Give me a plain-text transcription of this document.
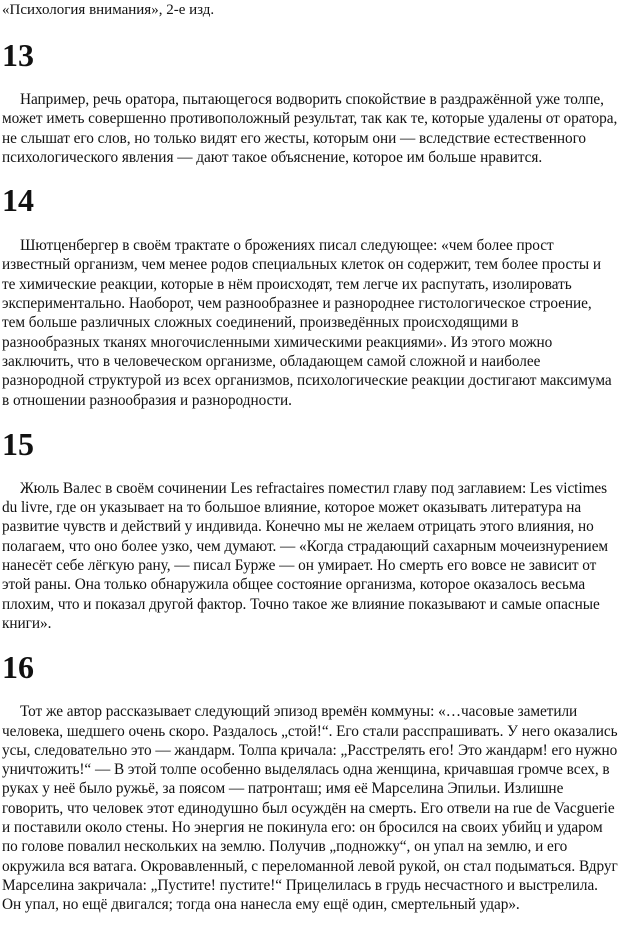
«Психология внимания», 2-е изд.

13

Например, речь оратора, пытающегося водворить спокойствие в раздражённой уже толпе, может иметь совершенно противоположный результат, так как те, которые удалены от оратора, не слышат его слов, но только видят его жесты, которым они — вследствие естественного психологического явления — дают такое объяснение, которое им больше нравится.

14

Шютценбергер в своём трактате о брожениях писал следующее: «чем более прост известный организм, чем менее родов специальных клеток он содержит, тем более просты и те химические реакции, которые в нём происходят, тем легче их распутать, изолировать экспериментально. Наоборот, чем разнообразнее и разнороднее гистологическое строение, тем больше различных сложных соединений, произведённых происходящими в разнообразных тканях многочисленными химическими реакциями». Из этого можно заключить, что в человеческом организме, обладающем самой сложной и наиболее разнородной структурой из всех организмов, психологические реакции достигают максимума в отношении разнообразия и разнородности.

15

Жюль Валес в своём сочинении Les refractaires поместил главу под заглавием: Les victimes du livre, где он указывает на то большое влияние, которое может оказывать литература на развитие чувств и действий у индивида. Конечно мы не желаем отрицать этого влияния, но полагаем, что оно более узко, чем думают. — «Когда страдающий сахарным мочеизнурением нанесёт себе лёгкую рану, — писал Бурже — он умирает. Но смерть его вовсе не зависит от этой раны. Она только обнаружила общее состояние организма, которое оказалось весьма плохим, что и показал другой фактор. Точно такое же влияние показывают и самые опасные книги».

16

Тот же автор рассказывает следующий эпизод времён коммуны: «…часовые заметили человека, шедшего очень скоро. Раздалось „стой!“. Его стали расспрашивать. У него оказались усы, следовательно это — жандарм. Толпа кричала: „Расстрелять его! Это жандарм! его нужно уничтожить!“ — В этой толпе особенно выделялась одна женщина, кричавшая громче всех, в руках у неё было ружьё, за поясом — патронташ; имя её Марселина Эпильи. Излишне говорить, что человек этот единодушно был осуждён на смерть. Его отвели на rue de Vacguerie и поставили около стены. Но энергия не покинула его: он бросился на своих убийц и ударом по голове повалил нескольких на землю. Получив „подножку“, он упал на землю, и его окружила вся ватага. Окровавленный, с переломанной левой рукой, он стал подыматься. Вдруг Марселина закричала: „Пустите! пустите!“ Прицелилась в грудь несчастного и выстрелила. Он упал, но ещё двигался; тогда она нанесла ему ещё один, смертельный удар».
